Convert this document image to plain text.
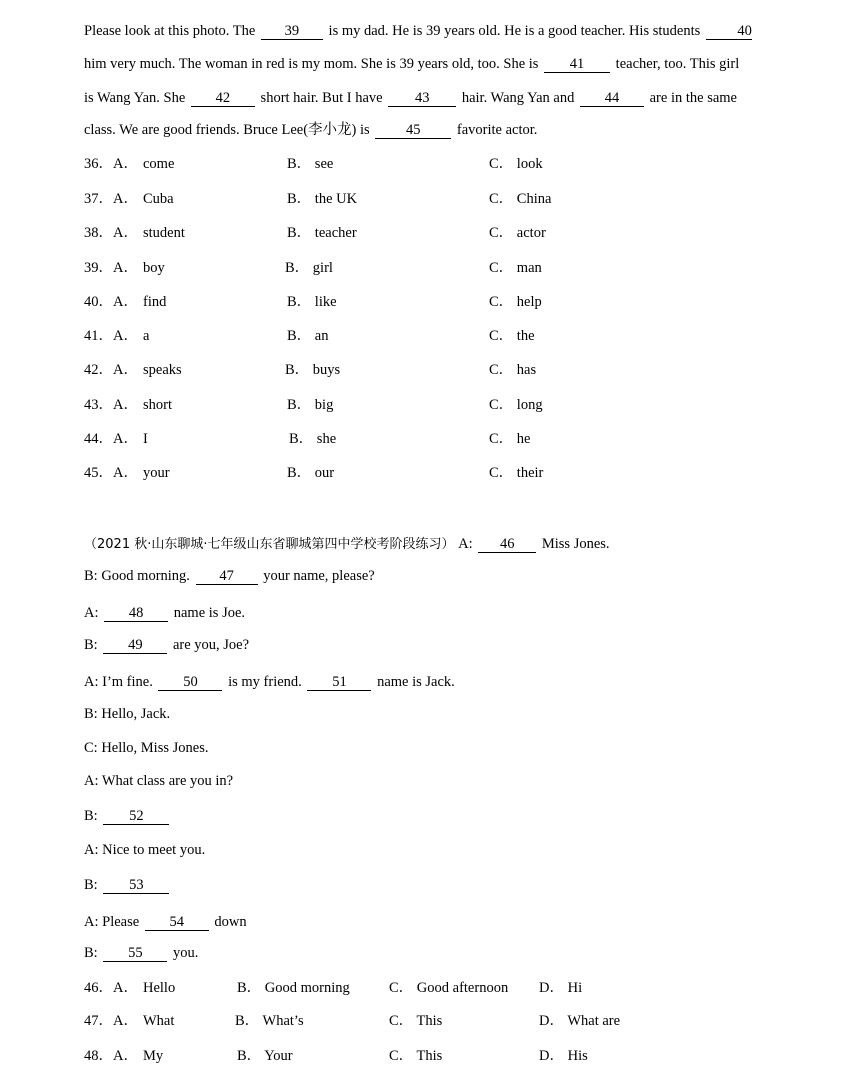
Please look at this photo. The 39 is my dad. He is 39 years old. He is a good teacher. His students	40
him very much. The woman in red is my mom. She is 39 years old, too. She is 41 teacher, too. This girl
is Wang Yan. She 42 short hair. But I have 43 hair. Wang Yan and 44 are in the same
class. We are good friends. Bruce Lee(李小龙) is	45	favorite actor.
36．A． come	B． see	C． look
37．A． Cuba	B． the UK	C． China
38．A． student	B． teacher	C． actor
39．A． boy	B． girl	C． man
40．A． find	B． like	C． help
41．A． a	B． an	C． the
42．A． speaks	B． buys	C． has
43．A． short	B． big	C． long
44．A． I	B． she	C． he
45．A． your	B． our	C． their
（2021 秋·山东聊城·七年级山东省聊城第四中学校考阶段练习） A: 46 Miss Jones.
B: Good morning. 47 your name, please?
A: 48 name is Joe.
B: 49 are you, Joe?
A: I’m fine. 50 is my friend. 51 name is Jack.
B: Hello, Jack.
C: Hello, Miss Jones.
A: What class are you in?
B: 52
A: Nice to meet you.
B: 53
A: Please 54 down
B: 55 you.
46．A． Hello	B． Good morning	C． Good afternoon D． Hi
47．A． What	B． What’s	C． This	D． What are
48．A． My	B． Your	C． This	D． His
